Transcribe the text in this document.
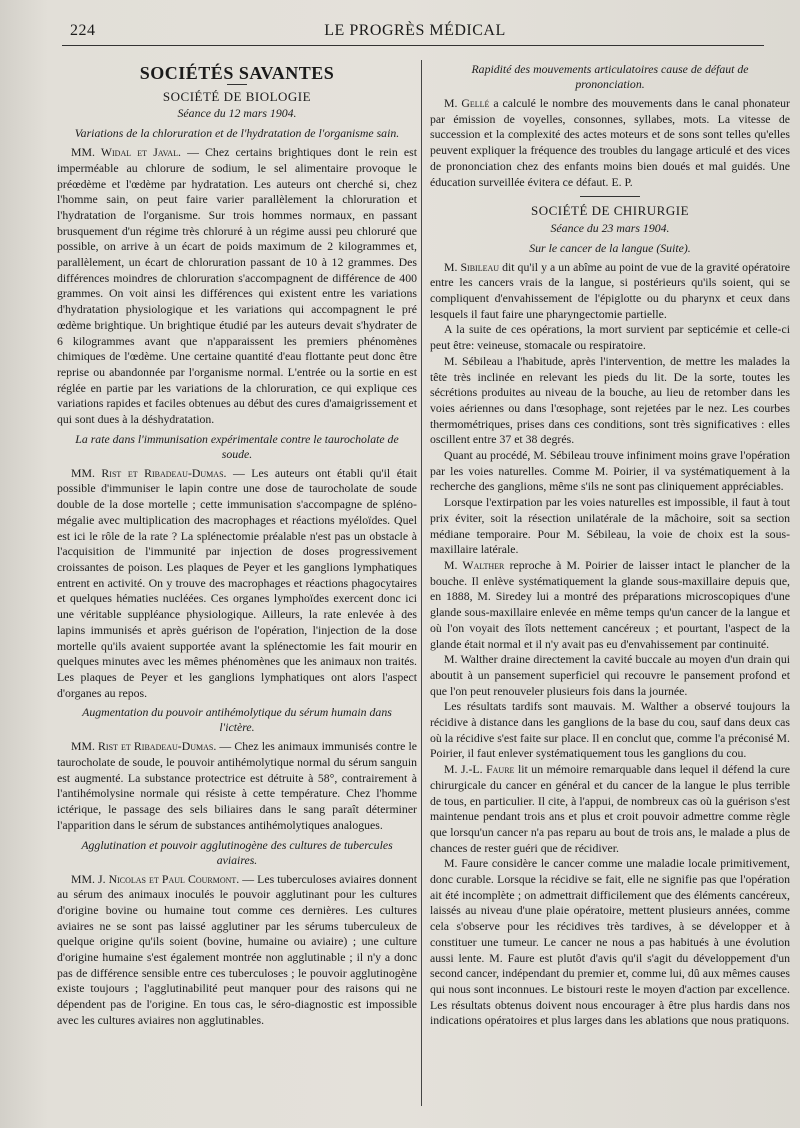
224	LE PROGRÈS MÉDICAL
SOCIÉTÉS SAVANTES
SOCIÉTÉ DE BIOLOGIE
Séance du 12 mars 1904.
Variations de la chloruration et de l'hydratation de l'organisme sain.

MM. Widal et Javal. — Chez certains brightiques dont le rein est imperméable au chlorure de sodium, le sel alimentaire provoque le préœdème et l'œdème par hydratation. Les auteurs ont cherché si, chez l'homme sain, on peut faire varier parallèlement la chloruration et l'hydratation de l'organisme. Sur trois hommes normaux, en passant brusquement d'un régime très chloruré à un régime aussi peu chloruré que possible, on arrive à un écart de poids maximum de 2 kilogrammes et, parallèlement, un écart de chloruration passant de 10 à 12 grammes. Des différences moindres de chloruration s'accompagnent de différence de 400 grammes. On voit ainsi les différences qui existent entre les variations d'hydratation physiologique et les variations qui accompagnent le pré œdème brightique. Un brightique étudié par les auteurs devait s'hydrater de 6 kilogrammes avant que n'apparaissent les premiers phénomènes chimiques de l'œdème. Une certaine quantité d'eau flottante peut donc être reprise ou abandonnée par l'organisme normal. L'entrée ou la sortie en est réglée en partie par les variations de la chloruration, ce qui explique ces variations rapides et faciles obtenues au début des cures d'amaigrissement et qui sont dues à la déshydratation.

La rate dans l'immunisation expérimentale contre le taurocholate de soude.

MM. Rist et Ribadeau-Dumas. — Les auteurs ont établi qu'il était possible d'immuniser le lapin contre une dose de taurocholate de soude double de la dose mortelle ; cette immunisation s'accompagne de spléno-mégalie avec multiplication des macrophages et réactions myéloïdes. Quel est ici le rôle de la rate ? La splénectomie préalable n'est pas un obstacle à l'acquisition de l'immunité par injection de doses progressivement croissantes de poison. Les plaques de Peyer et les ganglions lymphatiques entrent en activité. On y trouve des macrophages et réactions phagocytaires et quelques hématies nucléées. Ces organes lymphoïdes exercent donc ici une véritable suppléance physiologique. Ailleurs, la rate enlevée à des lapins immunisés et après guérison de l'opération, l'injection de la dose mortelle qu'ils avaient supportée avant la splénectomie les fait mourir en quelques minutes avec les mêmes phénomènes que les animaux non traités. Les plaques de Peyer et les ganglions lymphatiques ont alors l'aspect d'organes au repos.

Augmentation du pouvoir antihémolytique du sérum humain dans l'ictère.

MM. Rist et Ribadeau-Dumas. — Chez les animaux immunisés contre le taurocholate de soude, le pouvoir antihémolytique normal du sérum sanguin est augmenté. La substance protectrice est détruite à 58°, contrairement à l'antihémolysine normale qui résiste à cette température. Chez l'homme ictérique, le passage des sels biliaires dans le sang paraît déterminer l'apparition dans le sérum de substances antihémolytiques analogues.

Agglutination et pouvoir agglutinogène des cultures de tubercules aviaires.

MM. J. Nicolas et Paul Courmont. — Les tuberculoses aviaires donnent au sérum des animaux inoculés le pouvoir agglutinant pour les cultures d'origine bovine ou humaine tout comme ces dernières. Les cultures aviaires ne se sont pas laissé agglutiner par les sérums tuberculeux de quelque origine qu'ils soient (bovine, humaine ou aviaire) ; une culture d'origine humaine s'est également montrée non agglutinable ; il n'y a donc pas de différence sensible entre ces tuberculoses ; le pouvoir agglutinogène existe toujours ; l'agglutinabilité peut manquer pour des raisons qui ne dépendent pas de l'origine. En tous cas, le séro-diagnostic est impossible avec les cultures aviaires non agglutinables.

Rapidité des mouvements articulatoires cause de défaut de prononciation.

M. Gellé a calculé le nombre des mouvements dans le canal phonateur par émission de voyelles, consonnes, syllabes, mots. La vitesse de succession et la complexité des actes moteurs et de sons sont telles qu'elles peuvent expliquer la fréquence des troubles du langage articulé et des vices de prononciation chez des enfants moins bien doués et mal guidés. Une éducation surveillée évitera ce défaut. E. P.

SOCIÉTÉ DE CHIRURGIE
Séance du 23 mars 1904.
Sur le cancer de la langue (Suite).

M. Sibileau dit qu'il y a un abîme au point de vue de la gravité opératoire entre les cancers vrais de la langue, si postérieurs qu'ils soient, qui se compliquent d'envahissement de l'épiglotte ou du pharynx et ceux dans lesquels il faut faire une pharyngectomie partielle.

A la suite de ces opérations, la mort survient par septicémie et celle-ci peut être: veineuse, stomacale ou respiratoire.

M. Sébileau a l'habitude, après l'intervention, de mettre les malades la tête très inclinée en relevant les pieds du lit. De la sorte, toutes les sécrétions produites au niveau de la bouche, au lieu de retomber dans les voies aériennes ou dans l'œsophage, sont rejetées par le nez. Les courbes thermométriques, prises dans ces conditions, sont très significatives : elles oscillent entre 37 et 38 degrés.

Quant au procédé, M. Sébileau trouve infiniment moins grave l'opération par les voies naturelles. Comme M. Poirier, il va systématiquement à la recherche des ganglions, même s'ils ne sont pas cliniquement appréciables.

Lorsque l'extirpation par les voies naturelles est impossible, il faut à tout prix éviter, soit la résection unilatérale de la mâchoire, soit sa section médiane temporaire. Pour M. Sébileau, la voie de choix est la sous-maxillaire latérale.

M. Walther reproche à M. Poirier de laisser intact le plancher de la bouche. Il enlève systématiquement la glande sous-maxillaire depuis que, en 1888, M. Siredey lui a montré des préparations microscopiques d'une glande sous-maxillaire enlevée en même temps qu'un cancer de la langue et où l'on voyait des îlots nettement cancéreux ; et pourtant, l'aspect de la glande était normal et il n'y avait pas eu d'envahissement par continuité.

M. Walther draine directement la cavité buccale au moyen d'un drain qui aboutit à un pansement superficiel qui recouvre le pansement profond et que l'on peut renouveler plusieurs fois dans la journée.

Les résultats tardifs sont mauvais. M. Walther a observé toujours la récidive à distance dans les ganglions de la base du cou, sauf dans deux cas où la récidive s'est faite sur place. Il en conclut que, comme l'a préconisé M. Poirier, il faut enlever systématiquement tous les ganglions du cou.

M. J.-L. Faure lit un mémoire remarquable dans lequel il défend la cure chirurgicale du cancer en général et du cancer de la langue le plus terrible de tous, en particulier. Il cite, à l'appui, de nombreux cas où la guérison s'est maintenue pendant trois ans et plus et croit pouvoir admettre comme règle que lorsqu'un cancer n'a pas reparu au bout de trois ans, le malade a plus de chances de rester guéri que de récidiver.

M. Faure considère le cancer comme une maladie locale primitivement, donc curable. Lorsque la récidive se fait, elle ne signifie pas que l'opération ait été incomplète ; on admettrait difficilement que des éléments cancéreux, laissés au niveau d'une plaie opératoire, mettent plusieurs années, comme cela s'observe pour les récidives très tardives, à se développer et à constituer une tumeur. Le cancer ne nous a pas habitués à une évolution aussi lente. M. Faure est plutôt d'avis qu'il s'agit du développement d'un second cancer, indépendant du premier et, comme lui, dû aux mêmes causes qui nous sont inconnues. Le bistouri reste le moyen d'action par excellence. Les résultats obtenus doivent nous encourager à être plus hardis dans nos indications opératoires et plus larges dans les ablations que nous pratiquons.
